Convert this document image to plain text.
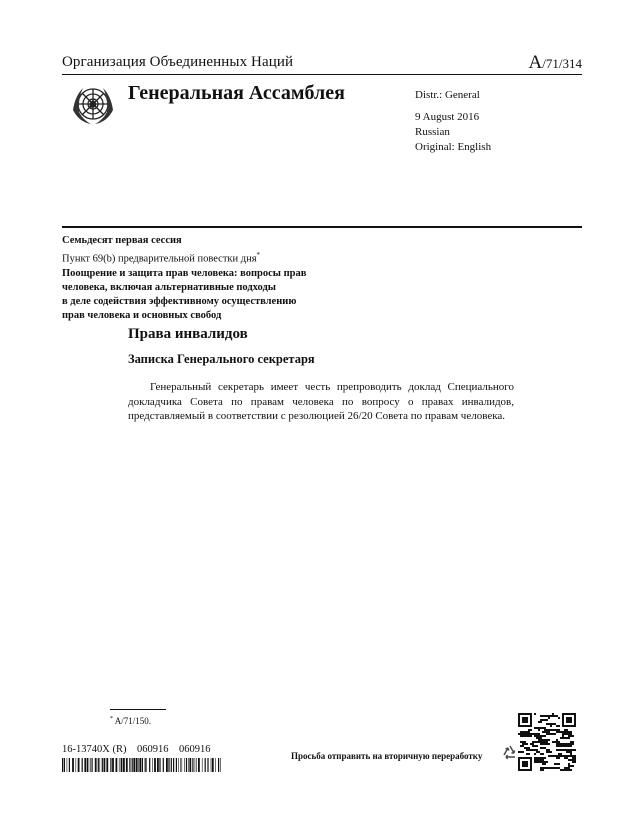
Организация Объединенных Наций	A/71/314
Генеральная Ассамблея	Distr.: General
9 August 2016
Russian
Original: English
Семьдесят первая сессия
Пункт 69(b) предварительной повестки дня*
Поощрение и защита прав человека: вопросы прав
человека, включая альтернативные подходы
в деле содействия эффективному осуществлению
прав человека и основных свобод
Права инвалидов
Записка Генерального секретаря

Генеральный секретарь имеет честь препроводить доклад Специального докладчика Совета по правам человека по вопросу о правах инвалидов, представляемый в соответствии с резолюцией 26/20 Совета по правам человека.

* A/71/150.
16-13740X (R)    060916    060916
Просьба отправить на вторичную переработку
